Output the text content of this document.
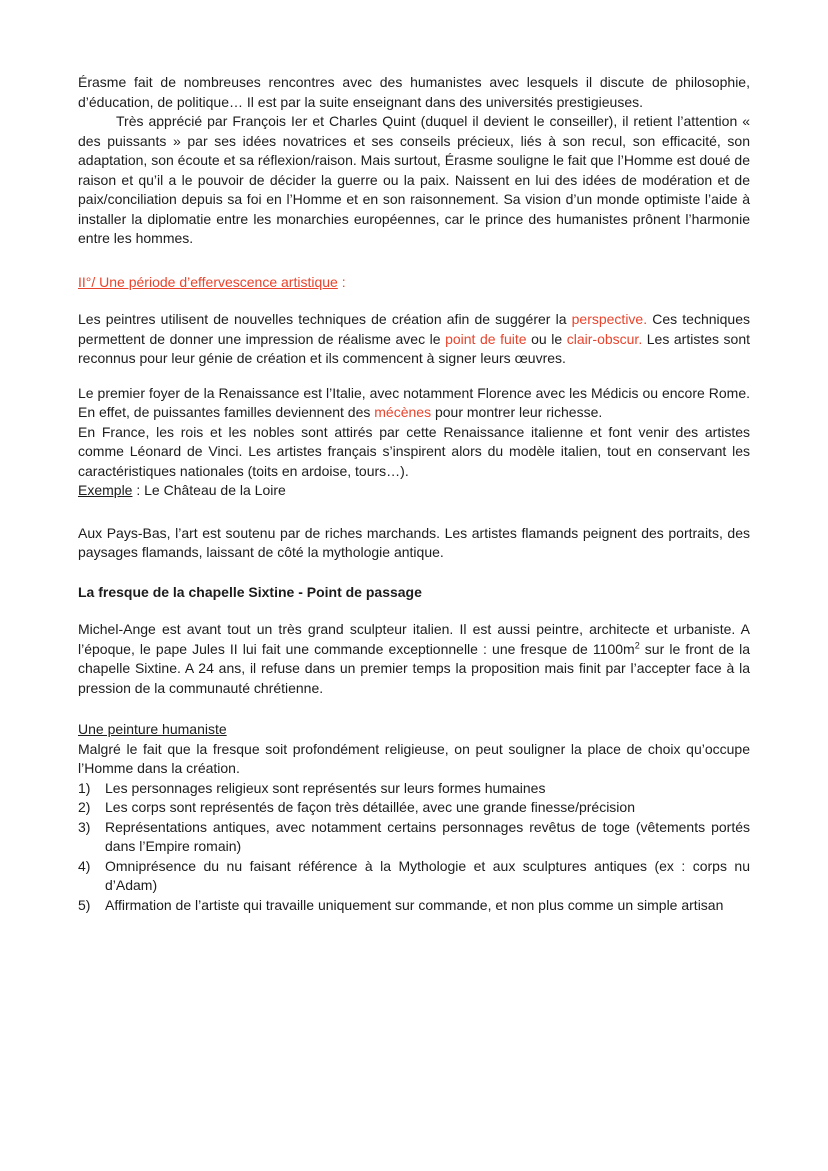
Érasme fait de nombreuses rencontres avec des humanistes avec lesquels il discute de philosophie, d’éducation, de politique… Il est par la suite enseignant dans des universités prestigieuses.

Très apprécié par François Ier et Charles Quint (duquel il devient le conseiller), il retient l’attention « des puissants » par ses idées novatrices et ses conseils précieux, liés à son recul, son efficacité, son adaptation, son écoute et sa réflexion/raison. Mais surtout, Érasme souligne le fait que l’Homme est doué de raison et qu’il a le pouvoir de décider la guerre ou la paix. Naissent en lui des idées de modération et de paix/conciliation depuis sa foi en l’Homme et en son raisonnement. Sa vision d’un monde optimiste l’aide à installer la diplomatie entre les monarchies européennes, car le prince des humanistes prônent l’harmonie entre les hommes.

II°/ Une période d’effervescence artistique :

Les peintres utilisent de nouvelles techniques de création afin de suggérer la perspective. Ces techniques permettent de donner une impression de réalisme avec le point de fuite ou le clair-obscur. Les artistes sont reconnus pour leur génie de création et ils commencent à signer leurs œuvres.

Le premier foyer de la Renaissance est l’Italie, avec notamment Florence avec les Médicis ou encore Rome. En effet, de puissantes familles deviennent des mécènes pour montrer leur richesse.

En France, les rois et les nobles sont attirés par cette Renaissance italienne et font venir des artistes comme Léonard de Vinci. Les artistes français s’inspirent alors du modèle italien, tout en conservant les caractéristiques nationales (toits en ardoise, tours…).

Exemple : Le Château de la Loire

Aux Pays-Bas, l’art est soutenu par de riches marchands. Les artistes flamands peignent des portraits, des paysages flamands, laissant de côté la mythologie antique.

La fresque de la chapelle Sixtine - Point de passage

Michel-Ange est avant tout un très grand sculpteur italien. Il est aussi peintre, architecte et urbaniste. A l’époque, le pape Jules II lui fait une commande exceptionnelle : une fresque de $1100m^2$ sur le front de la chapelle Sixtine. A 24 ans, il refuse dans un premier temps la proposition mais finit par l’accepter face à la pression de la communauté chrétienne.

Une peinture humaniste

Malgré le fait que la fresque soit profondément religieuse, on peut souligner la place de choix qu’occupe l’Homme dans la création.

1)	Les personnages religieux sont représentés sur leurs formes humaines
2)	Les corps sont représentés de façon très détaillée, avec une grande finesse/précision
3)	Représentations antiques, avec notamment certains personnages revêtus de toge (vêtements portés dans l’Empire romain)
4)	Omniprésence du nu faisant référence à la Mythologie et aux sculptures antiques (ex : corps nu d’Adam)
5)	Affirmation de l’artiste qui travaille uniquement sur commande, et non plus comme un simple artisan
